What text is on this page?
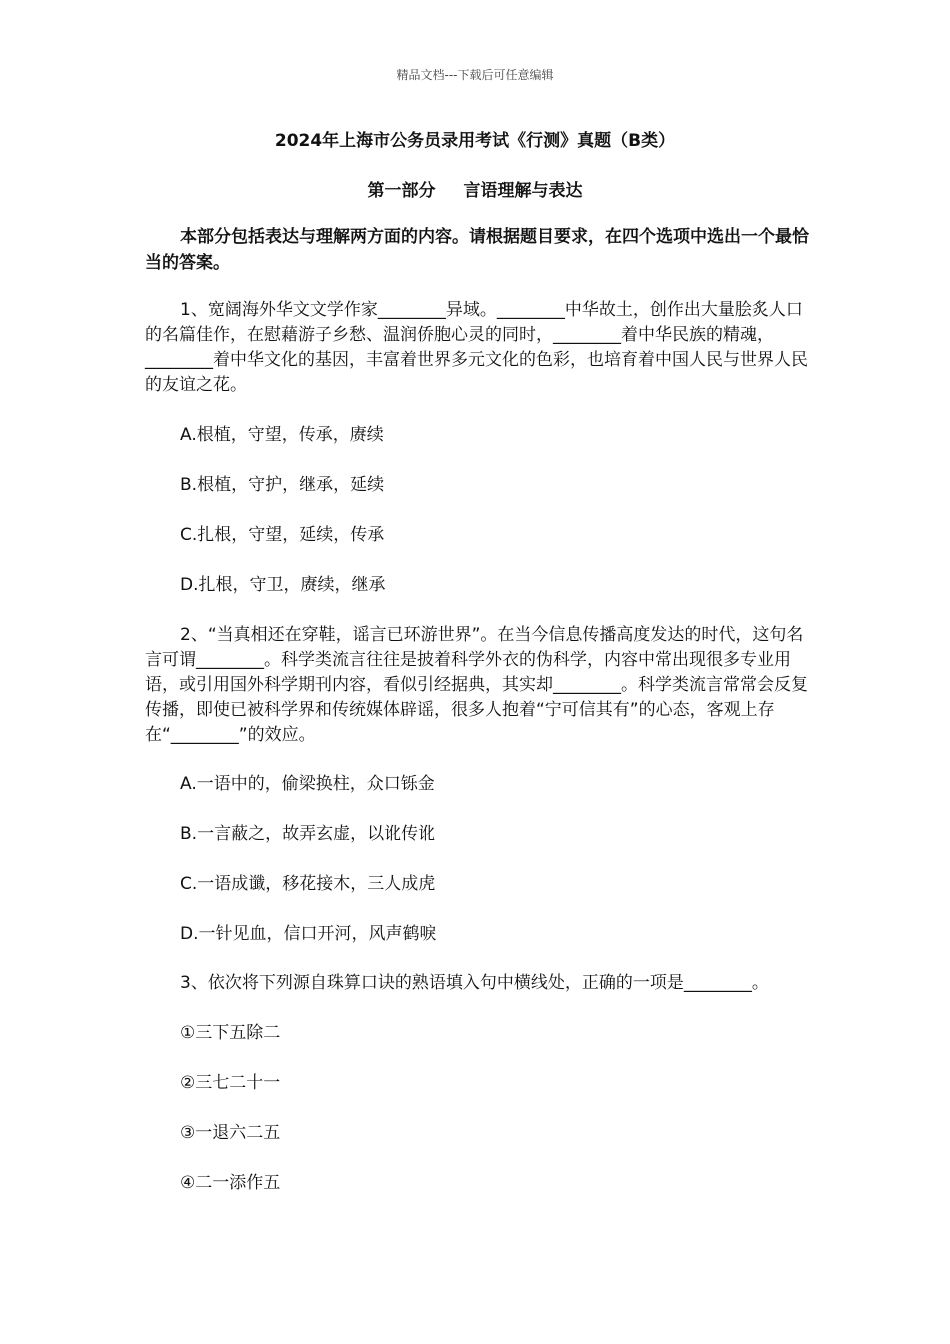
精品文档---下载后可任意编辑
2024年上海市公务员录用考试《行测》真题（B类）
第一部分 言语理解与表达

本部分包括表达与理解两方面的内容。请根据题目要求，在四个选项中选出一个最恰当的答案。

1、宽阔海外华文文学作家________异域。________中华故土，创作出大量脍炙人口的名篇佳作，在慰藉游子乡愁、温润侨胞心灵的同时，________着中华民族的精魂，________着中华文化的基因，丰富着世界多元文化的色彩，也培育着中国人民与世界人民的友谊之花。

A.根植，守望，传承，赓续

B.根植，守护，继承，延续

C.扎根，守望，延续，传承

D.扎根，守卫，赓续，继承

2、“当真相还在穿鞋，谣言已环游世界”。在当今信息传播高度发达的时代，这句名言可谓________。科学类流言往往是披着科学外衣的伪科学，内容中常出现很多专业用语，或引用国外科学期刊内容，看似引经据典，其实却________。科学类流言常常会反复传播，即使已被科学界和传统媒体辟谣，很多人抱着“宁可信其有”的心态，客观上存在“________”的效应。

A.一语中的，偷梁换柱，众口铄金

B.一言蔽之，故弄玄虚，以讹传讹

C.一语成谶，移花接木，三人成虎

D.一针见血，信口开河，风声鹤唳

3、依次将下列源自珠算口诀的熟语填入句中横线处，正确的一项是________。

①三下五除二

②三七二十一

③一退六二五

④二一添作五
